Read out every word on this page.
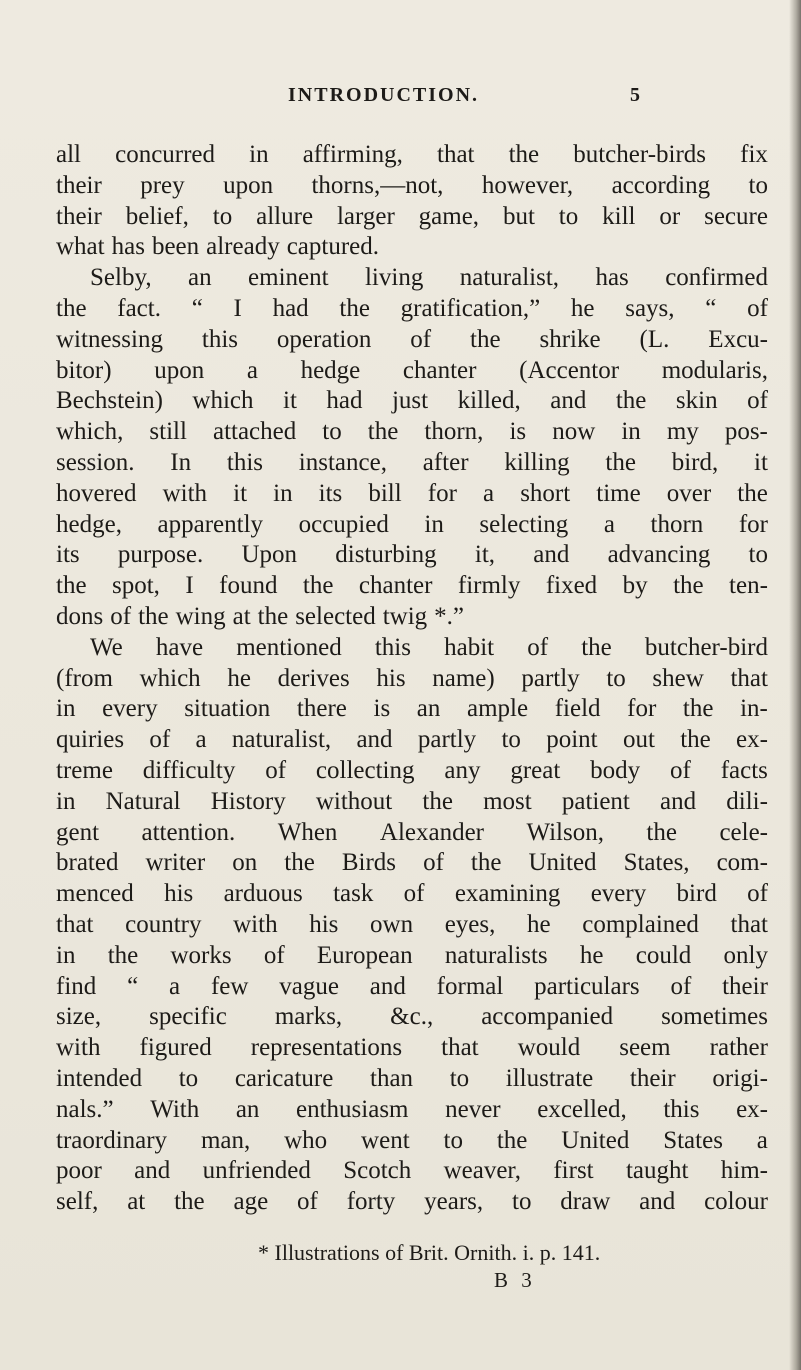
INTRODUCTION.	5
all concurred in affirming, that the butcher-birds fix
their prey upon thorns,—not, however, according to
their belief, to allure larger game, but to kill or secure
what has been already captured.
Selby, an eminent living naturalist, has confirmed
the fact. “ I had the gratification,” he says, “ of
witnessing this operation of the shrike (L. Excu-
bitor) upon a hedge chanter (Accentor modularis,
Bechstein) which it had just killed, and the skin of
which, still attached to the thorn, is now in my pos-
session. In this instance, after killing the bird, it
hovered with it in its bill for a short time over the
hedge, apparently occupied in selecting a thorn for
its purpose. Upon disturbing it, and advancing to
the spot, I found the chanter firmly fixed by the ten-
dons of the wing at the selected twig *.”
We have mentioned this habit of the butcher-bird
(from which he derives his name) partly to shew that
in every situation there is an ample field for the in-
quiries of a naturalist, and partly to point out the ex-
treme difficulty of collecting any great body of facts
in Natural History without the most patient and dili-
gent attention. When Alexander Wilson, the cele-
brated writer on the Birds of the United States, com-
menced his arduous task of examining every bird of
that country with his own eyes, he complained that
in the works of European naturalists he could only
find “ a few vague and formal particulars of their
size, specific marks, &c., accompanied sometimes
with figured representations that would seem rather
intended to caricature than to illustrate their origi-
nals.” With an enthusiasm never excelled, this ex-
traordinary man, who went to the United States a
poor and unfriended Scotch weaver, first taught him-
self, at the age of forty years, to draw and colour
* Illustrations of Brit. Ornith. i. p. 141.
B 3
